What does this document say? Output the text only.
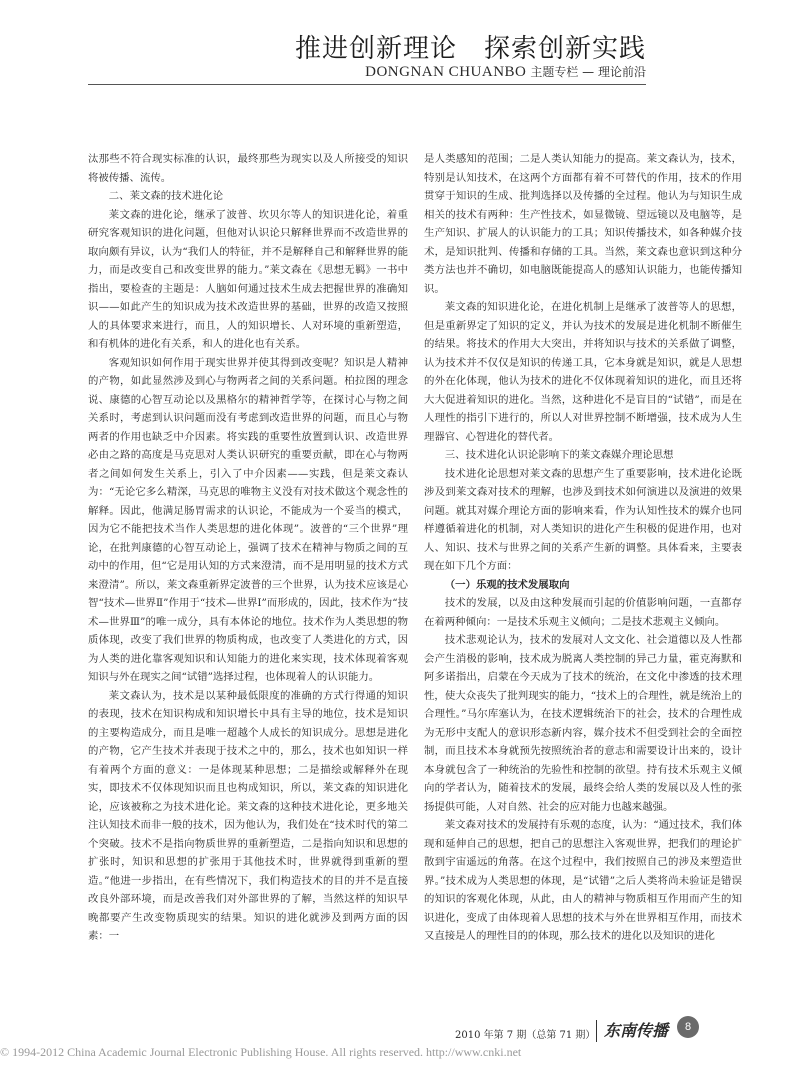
推进创新理论　探索创新实践
DONGNAN CHUANBO 主题专栏 — 理论前沿

汰那些不符合现实标准的认识，最终那些为现实以及人所接受的知识将被传播、流传。

二、莱文森的技术进化论

莱文森的进化论，继承了波普、坎贝尔等人的知识进化论，着重研究客观知识的进化问题，但他对认识论只解释世界而不改造世界的取向颇有异议，认为“我们人的特征，并不是解释自己和解释世界的能力，而是改变自己和改变世界的能力。”莱文森在《思想无羁》一书中指出，要检查的主题是：人脑如何通过技术生成去把握世界的准确知识——如此产生的知识成为技术改造世界的基础，世界的改造又按照人的具体要求来进行，而且，人的知识增长、人对环境的重新塑造，和有机体的进化有关系，和人的进化也有关系。

客观知识如何作用于现实世界并使其得到改变呢？知识是人精神的产物，如此显然涉及到心与物两者之间的关系问题。柏拉图的理念说、康德的心智互动论以及黑格尔的精神哲学等，在探讨心与物之间关系时，考虑到认识问题而没有考虑到改造世界的问题，而且心与物两者的作用也缺乏中介因素。将实践的重要性放置到认识、改造世界必由之路的高度是马克思对人类认识研究的重要贡献，即在心与物两者之间如何发生关系上，引入了中介因素——实践，但是莱文森认为：“无论它多么精深，马克思的唯物主义没有对技术做这个观念性的解释。因此，他满足肠胃需求的认识论，不能成为一个妥当的模式，因为它不能把技术当作人类思想的进化体现”。波普的“三个世界”理论，在批判康德的心智互动论上，强调了技术在精神与物质之间的互动中的作用，但“它是用认知的方式来澄清，而不是用明显的技术方式来澄清”。所以，莱文森重新界定波普的三个世界，认为技术应该是心智“技术—世界Ⅱ”作用于“技术—世界Ⅰ”而形成的，因此，技术作为“技术—世界Ⅲ”的唯一成分，具有本体论的地位。技术作为人类思想的物质体现，改变了我们世界的物质构成，也改变了人类进化的方式，因为人类的进化靠客观知识和认知能力的进化来实现，技术体现着客观知识与外在现实之间“试错”选择过程，也体现着人的认识能力。

莱文森认为，技术是以某种最低限度的准确的方式行得通的知识的表现，技术在知识构成和知识增长中具有主导的地位，技术是知识的主要构造成分，而且是唯一超越个人成长的知识成分。思想是进化的产物，它产生技术并表现于技术之中的，那么，技术也如知识一样有着两个方面的意义：一是体现某种思想；二是描绘或解释外在现实，即技术不仅体现知识而且也构成知识，所以，莱文森的知识进化论，应该被称之为技术进化论。莱文森的这种技术进化论，更多地关注认知技术而非一般的技术，因为他认为，我们处在“技术时代的第二个突破。技术不是指向物质世界的重新塑造，二是指向知识和思想的扩张时，知识和思想的扩张用于其他技术时，世界就得到重新的塑造。”他进一步指出，在有些情况下，我们构造技术的目的并不是直接改良外部环境，而是改善我们对外部世界的了解，当然这样的知识早晚都要产生改变物质现实的结果。知识的进化就涉及到两方面的因素：一

是人类感知的范围；二是人类认知能力的提高。莱文森认为，技术，特别是认知技术，在这两个方面都有着不可替代的作用，技术的作用贯穿于知识的生成、批判选择以及传播的全过程。他认为与知识生成相关的技术有两种：生产性技术，如显微镜、望远镜以及电脑等，是生产知识、扩展人的认识能力的工具；知识传播技术，如各种媒介技术，是知识批判、传播和存储的工具。当然，莱文森也意识到这种分类方法也并不确切，如电脑既能提高人的感知认识能力，也能传播知识。

莱文森的知识进化论，在进化机制上是继承了波普等人的思想，但是重新界定了知识的定义，并认为技术的发展是进化机制不断催生的结果。将技术的作用大大突出，并将知识与技术的关系做了调整，认为技术并不仅仅是知识的传递工具，它本身就是知识，就是人思想的外在化体现，他认为技术的进化不仅体现着知识的进化，而且还将大大促进着知识的进化。当然，这种进化不是盲目的“试错”，而是在人理性的指引下进行的，所以人对世界控制不断增强，技术成为人生理器官、心智进化的替代者。

三、技术进化认识论影响下的莱文森媒介理论思想

技术进化论思想对莱文森的思想产生了重要影响，技术进化论既涉及到莱文森对技术的理解，也涉及到技术如何演进以及演进的效果问题。就其对媒介理论方面的影响来看，作为认知性技术的媒介也同样遵循着进化的机制，对人类知识的进化产生积极的促进作用，也对人、知识、技术与世界之间的关系产生新的调整。具体看来，主要表现在如下几个方面：

（一）乐观的技术发展取向

技术的发展，以及由这种发展而引起的价值影响问题，一直都存在着两种倾向：一是技术乐观主义倾向；二是技术悲观主义倾向。

技术悲观论认为，技术的发展对人文文化、社会道德以及人性都会产生消极的影响，技术成为脱离人类控制的异己力量，霍克海默和阿多诺指出，启蒙在今天成为了技术的统治，在文化中渗透的技术理性，使大众丧失了批判现实的能力，“技术上的合理性，就是统治上的合理性。”马尔库塞认为，在技术逻辑统治下的社会，技术的合理性成为无形中支配人的意识形态新内容，媒介技术不但受到社会的全面控制，而且技术本身就预先按照统治者的意志和需要设计出来的，设计本身就包含了一种统治的先验性和控制的欲望。持有技术乐观主义倾向的学者认为，随着技术的发展，最终会给人类的发展以及人性的张扬提供可能，人对自然、社会的应对能力也越来越强。

莱文森对技术的发展持有乐观的态度，认为：“通过技术，我们体现和延伸自己的思想，把自己的思想注入客观世界，把我们的理论扩散到宇宙遥远的角落。在这个过程中，我们按照自己的涉及来塑造世界。”技术成为人类思想的体现，是“试错”之后人类将尚未验证是错误的知识的客观化体现，从此，由人的精神与物质相互作用而产生的知识进化，变成了由体现着人思想的技术与外在世界相互作用，而技术又直接是人的理性目的的体现，那么技术的进化以及知识的进化

2010 年第 7 期（总第 71 期） 东南传播	8
© 1994-2012 China Academic Journal Electronic Publishing House. All rights reserved. http://www.cnki.net
